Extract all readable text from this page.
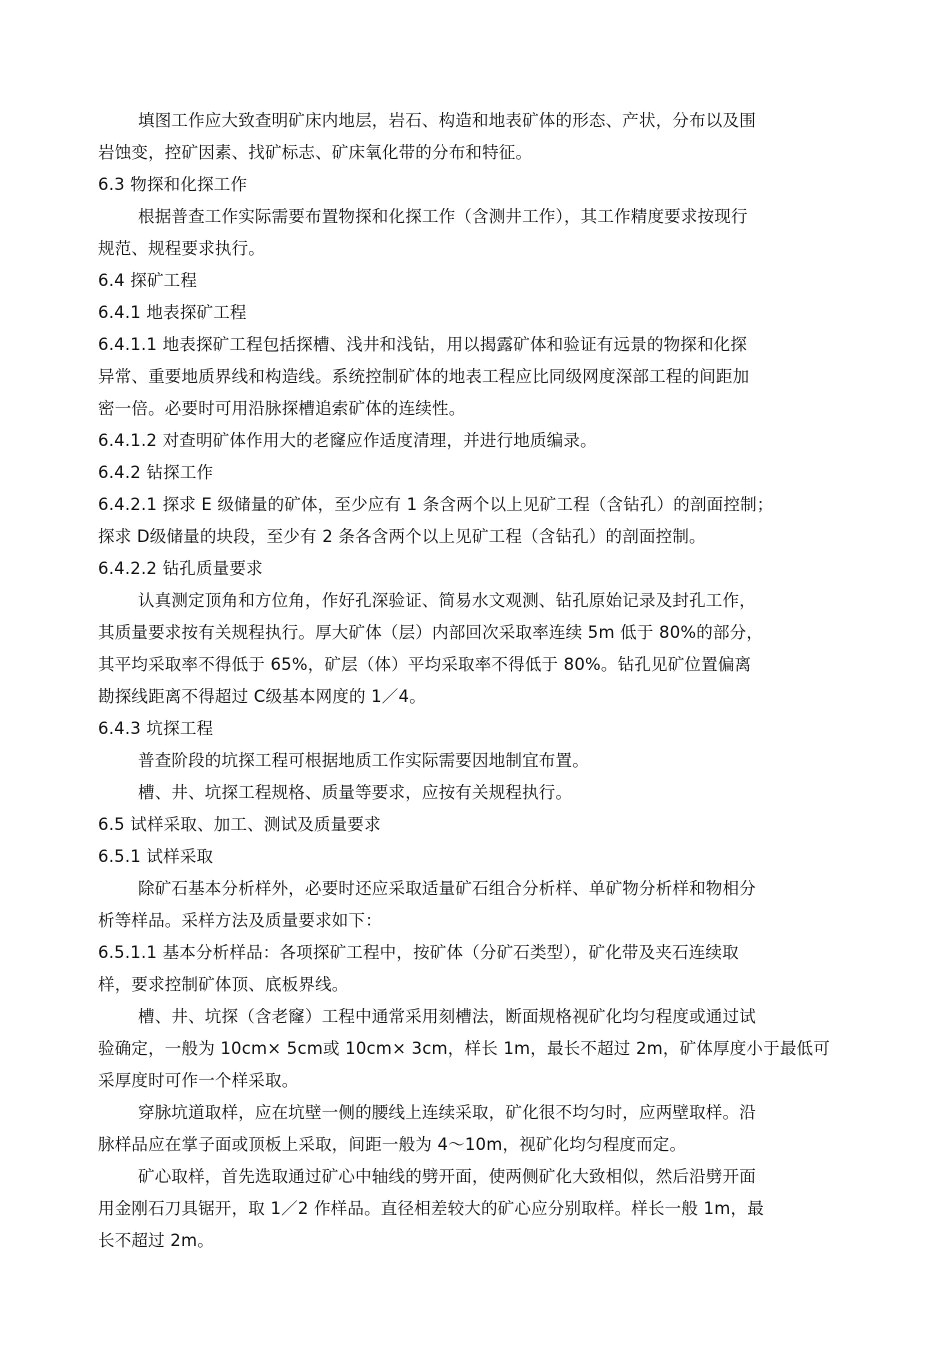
填图工作应大致查明矿床内地层，岩石、构造和地表矿体的形态、产状，分布以及围
岩蚀变，控矿因素、找矿标志、矿床氧化带的分布和特征。
6.3 物探和化探工作
根据普查工作实际需要布置物探和化探工作（含测井工作），其工作精度要求按现行
规范、规程要求执行。
6.4 探矿工程
6.4.1 地表探矿工程
6.4.1.1 地表探矿工程包括探槽、浅井和浅钻，用以揭露矿体和验证有远景的物探和化探
异常、重要地质界线和构造线。系统控制矿体的地表工程应比同级网度深部工程的间距加
密一倍。必要时可用沿脉探槽追索矿体的连续性。
6.4.1.2 对查明矿体作用大的老窿应作适度清理，并进行地质编录。
6.4.2 钻探工作
6.4.2.1 探求 E 级储量的矿体，至少应有 1 条含两个以上见矿工程（含钻孔）的剖面控制；
探求 D级储量的块段，至少有 2 条各含两个以上见矿工程（含钻孔）的剖面控制。
6.4.2.2 钻孔质量要求
认真测定顶角和方位角，作好孔深验证、简易水文观测、钻孔原始记录及封孔工作，
其质量要求按有关规程执行。厚大矿体（层）内部回次采取率连续 5m 低于 80%的部分，
其平均采取率不得低于 65%，矿层（体）平均采取率不得低于 80%。钻孔见矿位置偏离
勘探线距离不得超过 C级基本网度的 1／4。
6.4.3 坑探工程
普查阶段的坑探工程可根据地质工作实际需要因地制宜布置。
槽、井、坑探工程规格、质量等要求，应按有关规程执行。
6.5 试样采取、加工、测试及质量要求
6.5.1 试样采取
除矿石基本分析样外，必要时还应采取适量矿石组合分析样、单矿物分析样和物相分
析等样品。采样方法及质量要求如下：
6.5.1.1 基本分析样品：各项探矿工程中，按矿体（分矿石类型），矿化带及夹石连续取
样，要求控制矿体顶、底板界线。
槽、井、坑探（含老窿）工程中通常采用刻槽法，断面规格视矿化均匀程度或通过试
验确定，一般为 10cm× 5cm或 10cm× 3cm，样长 1m，最长不超过 2m，矿体厚度小于最低可
采厚度时可作一个样采取。
穿脉坑道取样，应在坑壁一侧的腰线上连续采取，矿化很不均匀时，应两壁取样。沿
脉样品应在掌子面或顶板上采取，间距一般为 4～10m，视矿化均匀程度而定。
矿心取样，首先选取通过矿心中轴线的劈开面，使两侧矿化大致相似，然后沿劈开面
用金刚石刀具锯开，取 1／2 作样品。直径相差较大的矿心应分别取样。样长一般 1m，最
长不超过 2m。
